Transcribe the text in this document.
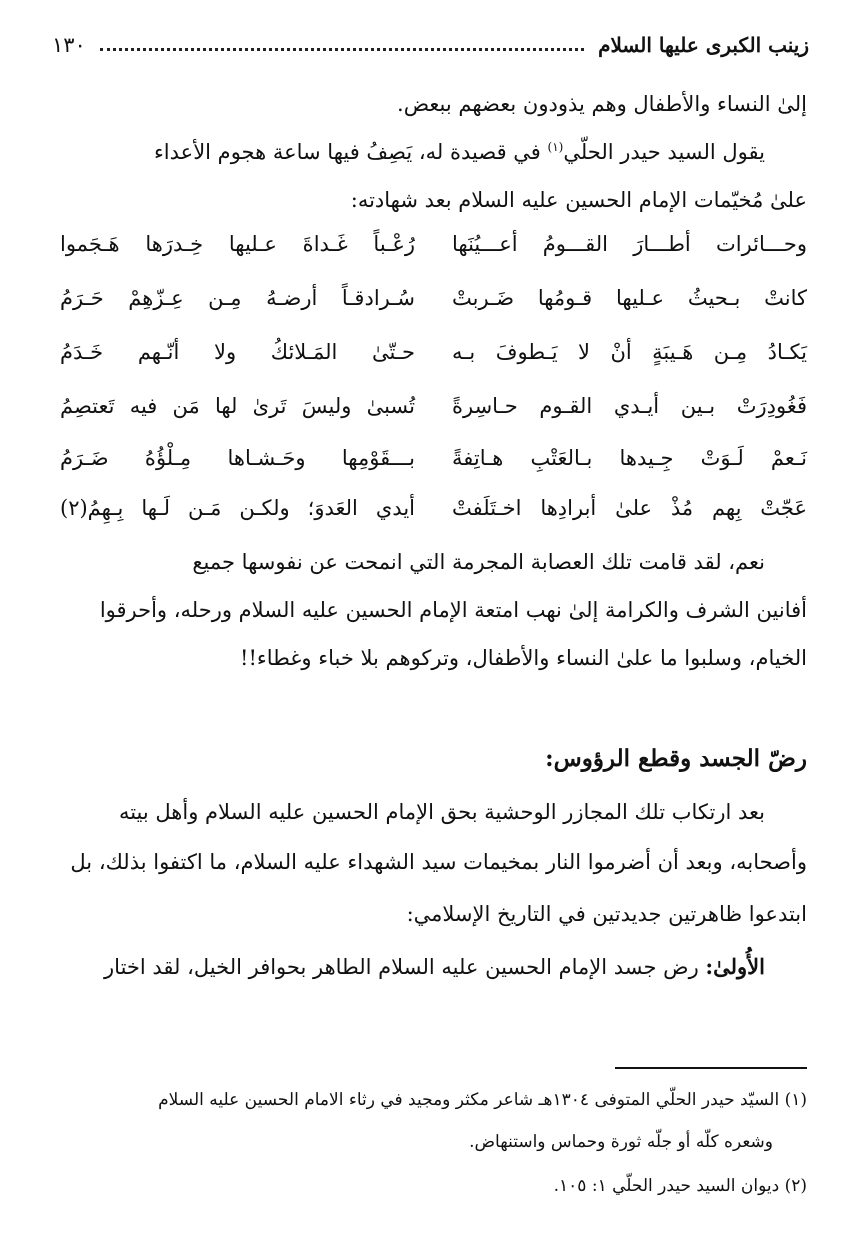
زينب الكبرى عليها السلام
١٣٠
إلىٰ النساء والأطفال وهم يذودون بعضهم ببعض.
يقول السيد حيدر الحلّي$^{(١)}$ في قصيدة له، يَصِفُ فيها ساعة هجوم الأعداء
علىٰ مُخيّمات الإمام الحسين عليه السلام بعد شهادته:
وحـــائرات أطـــارَ القـــومُ أعـــيُنَها
رُعْـباً غَـداةَ عـليها خِـدرَها هَـجَموا
كانتْ بـحيثُ عـليها قـومُها ضَـربتْ
سُـرادقـاً أرضـهُ مِـن عِـزّهِمْ حَـرَمُ
يَكـادُ مِـن هَـيبَةٍ أنْ لا يَـطوفَ بـه
حـتّىٰ المَـلائكُ ولا أنّـهم خَـدَمُ
فَغُودِرَتْ بـين أيـدي القـوم حـاسِرةً
تُسبىٰ وليسَ تَرىٰ لها مَن فيه تَعتصِمُ
نَـعمْ لَـوَتْ جِـيدها بـالعَتْبِ هـاتِفةً
بـــقَوْمِها وحَـشـاها مِـلْؤُهُ ضَـرَمُ
عَجّتْ بِهم مُذْ علىٰ أبرادِها اخـتَلَفتْ
أيدي العَدوَ؛ ولكـن مَـن لَـها بِـهِمُ(٢)
نعم، لقد قامت تلك العصابة المجرمة التي انمحت عن نفوسها جميع
أفانين الشرف والكرامة إلىٰ نهب امتعة الإمام الحسين عليه السلام ورحله، وأحرقوا
الخيام، وسلبوا ما علىٰ النساء والأطفال، وتركوهم بلا خباء وغطاء!!
رضّ الجسد وقطع الرؤوس:
بعد ارتكاب تلك المجازر الوحشية بحق الإمام الحسين عليه السلام وأهل بيته
وأصحابه، وبعد أن أضرموا النار بمخيمات سيد الشهداء عليه السلام، ما اكتفوا بذلك، بل
ابتدعوا ظاهرتين جديدتين في التاريخ الإسلامي:
الأُولىٰ: رض جسد الإمام الحسين عليه السلام الطاهر بحوافر الخيل، لقد اختار
(١) السيّد حيدر الحلّي المتوفى ١٣٠٤هـ شاعر مكثر ومجيد في رثاء الامام الحسين عليه السلام
وشعره كلّه أو جلّه ثورة وحماس واستنهاض.
(٢) ديوان السيد حيدر الحلّي ١: ١٠٥.
